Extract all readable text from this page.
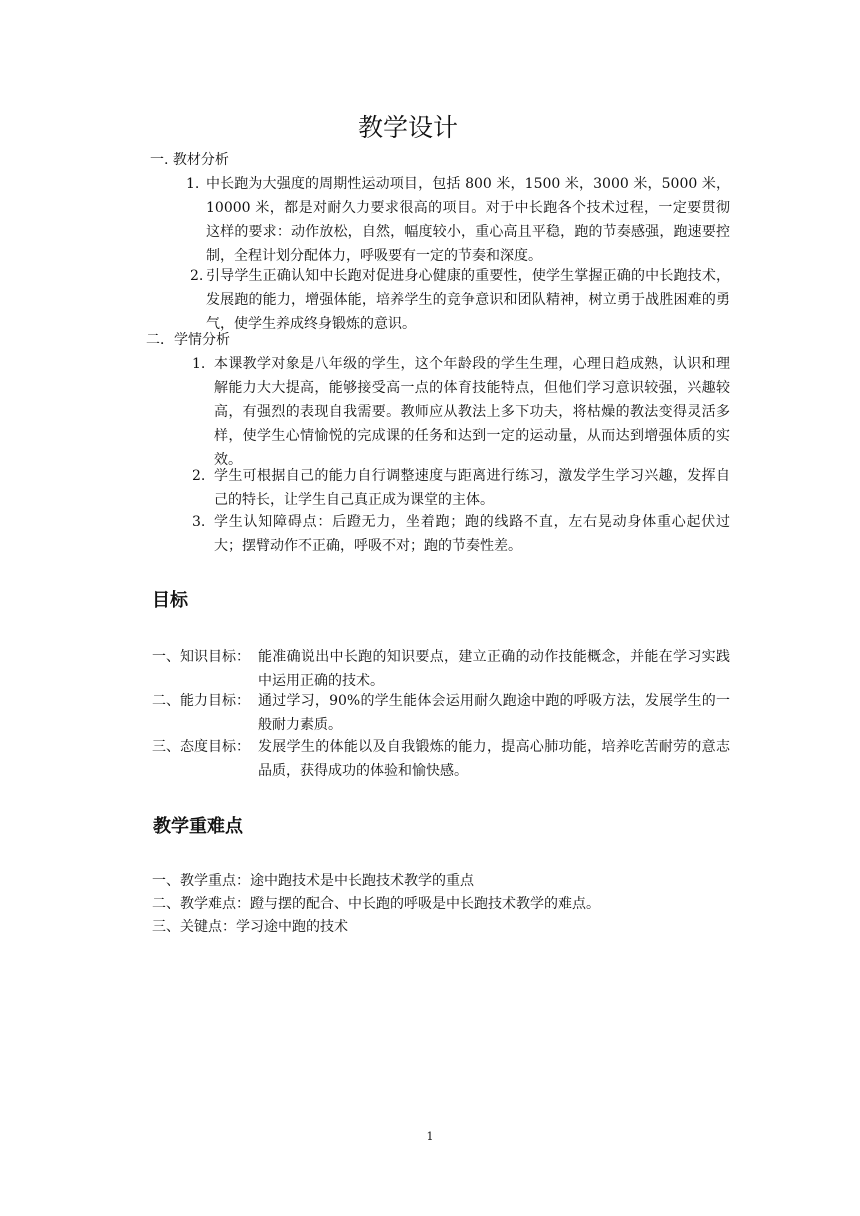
教学设计
一. 教材分析
1. 中长跑为大强度的周期性运动项目，包括 800 米，1500 米，3000 米，5000 米，10000 米，都是对耐久力要求很高的项目。对于中长跑各个技术过程，一定要贯彻这样的要求：动作放松，自然，幅度较小，重心高且平稳，跑的节奏感强，跑速要控制，全程计划分配体力，呼吸要有一定的节奏和深度。
2. 引导学生正确认知中长跑对促进身心健康的重要性，使学生掌握正确的中长跑技术，发展跑的能力，增强体能，培养学生的竞争意识和团队精神，树立勇于战胜困难的勇气，使学生养成终身锻炼的意识。
二．学情分析
1. 本课教学对象是八年级的学生，这个年龄段的学生生理，心理日趋成熟，认识和理解能力大大提高，能够接受高一点的体育技能特点，但他们学习意识较强，兴趣较高，有强烈的表现自我需要。教师应从教法上多下功夫，将枯燥的教法变得灵活多样，使学生心情愉悦的完成课的任务和达到一定的运动量，从而达到增强体质的实效。
2. 学生可根据自己的能力自行调整速度与距离进行练习，激发学生学习兴趣，发挥自己的特长，让学生自己真正成为课堂的主体。
3. 学生认知障碍点：后蹬无力，坐着跑；跑的线路不直，左右晃动身体重心起伏过大；摆臂动作不正确，呼吸不对；跑的节奏性差。
目标
一、知识目标： 能准确说出中长跑的知识要点，建立正确的动作技能概念，并能在学习实践中运用正确的技术。
二、能力目标： 通过学习，90%的学生能体会运用耐久跑途中跑的呼吸方法，发展学生的一般耐力素质。
三、态度目标： 发展学生的体能以及自我锻炼的能力，提高心肺功能，培养吃苦耐劳的意志品质，获得成功的体验和愉快感。
教学重难点
一、教学重点：途中跑技术是中长跑技术教学的重点
二、教学难点：蹬与摆的配合、中长跑的呼吸是中长跑技术教学的难点。
三、关键点：学习途中跑的技术
1
